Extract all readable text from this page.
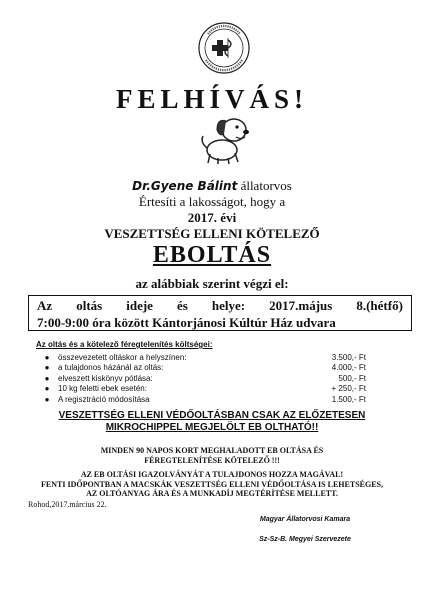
FELHÍVÁS!
Dr.Gyene Bálint állatorvos
Értesíti a lakosságot, hogy a
2017. évi
VESZETTSÉG ELLENI KÖTELEZŐ
EBOLTÁS
az alábbiak szerint végzi el:
Az oltás ideje és helye: 2017.május 8.(hétfő)
7:00-9:00 óra között Kántorjánosi Kúltúr Ház udvara
Az oltás és a kötelező féregtelenítés költségei:
●	összevezetett oltáskor a helyszínen:	3.500,- Ft
●	a tulajdonos házánál az oltás:	4.000,- Ft
●	elveszett kiskönyv pótlása:	500,- Ft
●	10 kg feletti ebek esetén:	+ 250,- Ft
●	A regisztráció módosítása	1.500,- Ft
VESZETTSÉG ELLENI VÉDŐOLTÁSBAN CSAK AZ ELŐZETESEN
MIKROCHIPPEL MEGJELÖLT EB OLTHATÓ!!
MINDEN 90 NAPOS KORT MEGHALADOTT EB OLTÁSA ÉS
FÉREGTELENÍTÉSE KÖTELEZŐ !!!
AZ EB OLTÁSI IGAZOLVÁNYÁT A TULAJDONOS HOZZA MAGÁVAL!
FENTI IDŐPONTBAN A MACSKÁK VESZETTSÉG ELLENI VÉDŐOLTÁSA IS LEHETSÉGES,
AZ OLTÓANYAG ÁRA ÉS A MUNKADÍJ MEGTÉRÍTÉSE MELLETT.
Rohod,2017.március 22.
Magyar Állatorvosi Kamara
Sz-Sz-B. Megyei Szervezete
